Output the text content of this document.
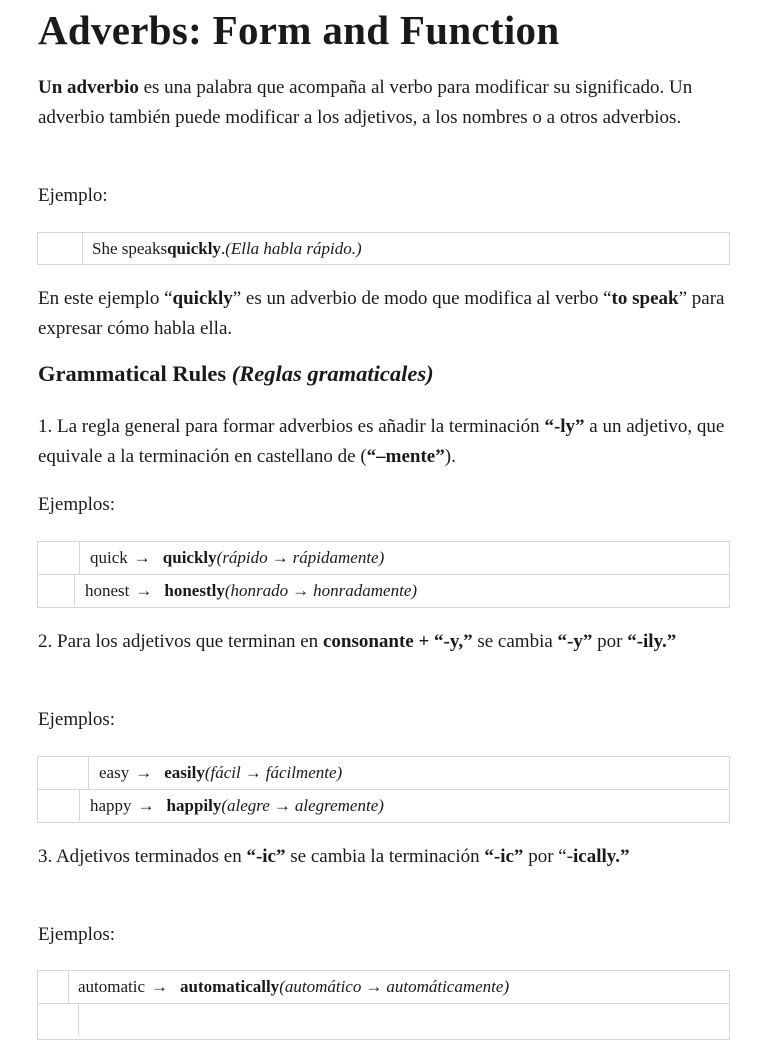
Adverbs: Form and Function

Un adverbio es una palabra que acompaña al verbo para modificar su significado. Un adverbio también puede modificar a los adjetivos, a los nombres o a otros adverbios.

Ejemplo:

She speaks quickly . (Ella habla rápido.)

En este ejemplo “quickly” es un adverbio de modo que modifica al verbo “to speak” para expresar cómo habla ella.

Grammatical Rules (Reglas gramaticales)

1. La regla general para formar adverbios es añadir la terminación “-ly” a un adjetivo, que equivale a la terminación en castellano de (“–mente”).

Ejemplos:

quick → quickly (rápido → rápidamente)
honest → honestly (honrado → honradamente)

2. Para los adjetivos que terminan en consonante + “-y,” se cambia “-y” por “-ily.”

Ejemplos:

easy → easily (fácil → fácilmente)
happy → happily (alegre → alegremente)

3. Adjetivos terminados en “-ic” se cambia la terminación “-ic” por “-ically.”

Ejemplos:

automatic → automatically (automático → automáticamente)
